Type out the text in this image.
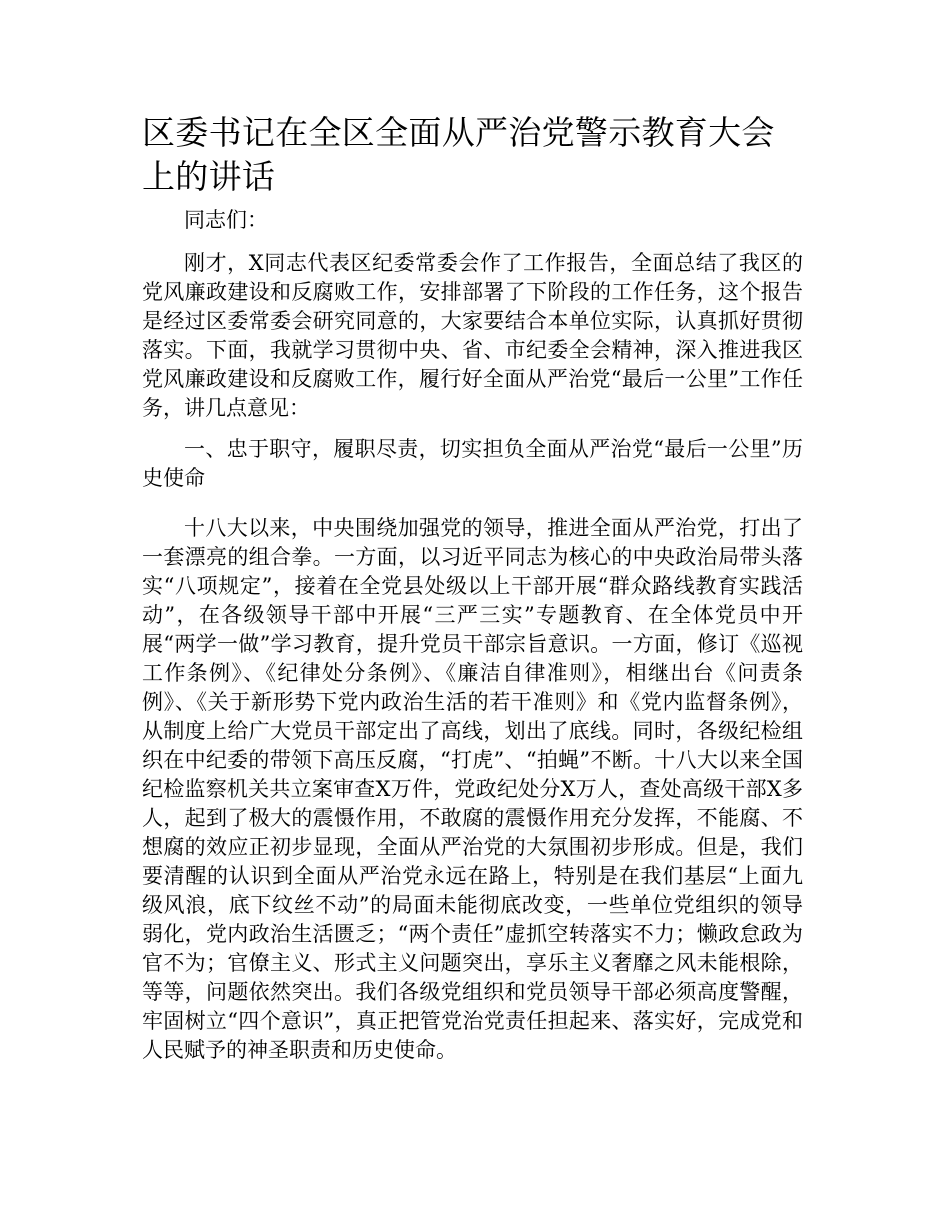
区委书记在全区全面从严治党警示教育大会上的讲话

同志们：

刚才，X同志代表区纪委常委会作了工作报告，全面总结了我区的党风廉政建设和反腐败工作，安排部署了下阶段的工作任务，这个报告是经过区委常委会研究同意的，大家要结合本单位实际，认真抓好贯彻落实。下面，我就学习贯彻中央、省、市纪委全会精神，深入推进我区党风廉政建设和反腐败工作，履行好全面从严治党“最后一公里”工作任务，讲几点意见：

一、忠于职守，履职尽责，切实担负全面从严治党“最后一公里”历史使命

十八大以来，中央围绕加强党的领导，推进全面从严治党，打出了一套漂亮的组合拳。一方面，以习近平同志为核心的中央政治局带头落实“八项规定”，接着在全党县处级以上干部开展“群众路线教育实践活动”，在各级领导干部中开展“三严三实”专题教育、在全体党员中开展“两学一做”学习教育，提升党员干部宗旨意识。一方面，修订《巡视工作条例》、《纪律处分条例》、《廉洁自律准则》，相继出台《问责条例》、《关于新形势下党内政治生活的若干准则》和《党内监督条例》，从制度上给广大党员干部定出了高线，划出了底线。同时，各级纪检组织在中纪委的带领下高压反腐，“打虎”、“拍蝇”不断。十八大以来全国纪检监察机关共立案审查X万件，党政纪处分X万人，查处高级干部X多人，起到了极大的震慑作用，不敢腐的震慑作用充分发挥，不能腐、不想腐的效应正初步显现，全面从严治党的大氛围初步形成。但是，我们要清醒的认识到全面从严治党永远在路上，特别是在我们基层“上面九级风浪，底下纹丝不动”的局面未能彻底改变，一些单位党组织的领导弱化，党内政治生活匮乏；“两个责任”虚抓空转落实不力；懒政怠政为官不为；官僚主义、形式主义问题突出，享乐主义奢靡之风未能根除，等等，问题依然突出。我们各级党组织和党员领导干部必须高度警醒，牢固树立“四个意识”，真正把管党治党责任担起来、落实好，完成党和人民赋予的神圣职责和历史使命。
